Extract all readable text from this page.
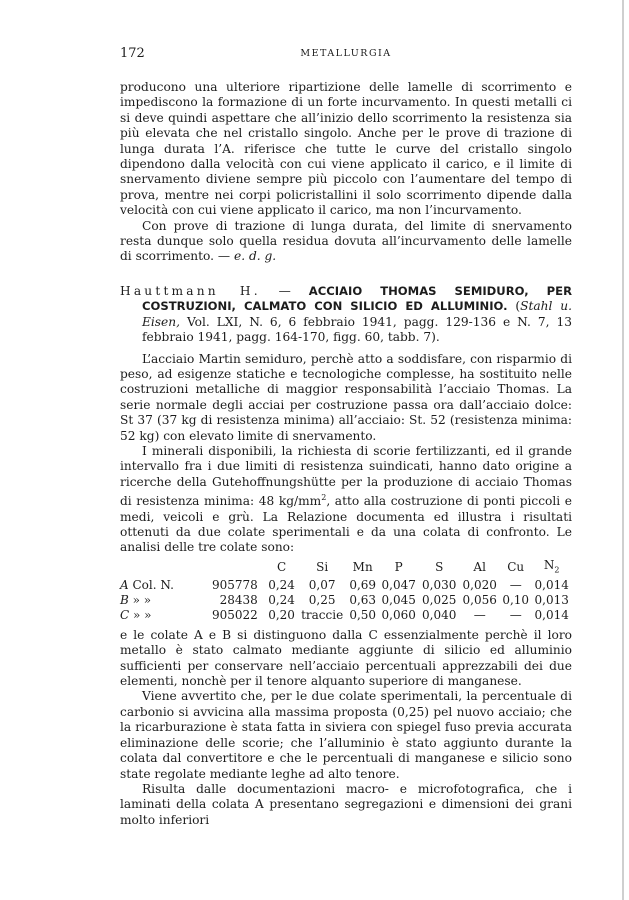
172	METALLURGIA

producono una ulteriore ripartizione delle lamelle di scorrimento e impediscono la formazione di un forte incurvamento. In questi metalli ci si deve quindi aspettare che all’inizio dello scorrimento la resistenza sia più elevata che nel cristallo singolo. Anche per le prove di trazione di lunga durata l’A. riferisce che tutte le curve del cristallo singolo dipendono dalla velocità con cui viene applicato il carico, e il limite di snervamento diviene sempre più piccolo con l’aumentare del tempo di prova, mentre nei corpi policristallini il solo scorrimento dipende dalla velocità con cui viene applicato il carico, ma non l’incurvamento.

Con prove di trazione di lunga durata, del limite di snervamento resta dunque solo quella residua dovuta all’incurvamento delle lamelle di scorrimento. — e. d. g.

Hauttmann H. — ACCIAIO THOMAS SEMIDURO, PER COSTRUZIONI, CALMATO CON SILICIO ED ALLUMINIO. (Stahl u. Eisen, Vol. LXI, N. 6, 6 febbraio 1941, pagg. 129-136 e N. 7, 13 febbraio 1941, pagg. 164-170, figg. 60, tabb. 7).

L’acciaio Martin semiduro, perchè atto a soddisfare, con risparmio di peso, ad esigenze statiche e tecnologiche complesse, ha sostituito nelle costruzioni metalliche di maggior responsabilità l’acciaio Thomas. La serie normale degli acciai per costruzione passa ora dall’acciaio dolce: St 37 (37 kg di resistenza minima) all’acciaio: St. 52 (resistenza minima: 52 kg) con elevato limite di snervamento.

I minerali disponibili, la richiesta di scorie fertilizzanti, ed il grande intervallo fra i due limiti di resistenza suindicati, hanno dato origine a ricerche della Gutehoffnungshütte per la produzione di acciaio Thomas di resistenza minima: 48 $kg/mm^2$, atto alla costruzione di ponti piccoli e medi, veicoli e grù. La Relazione documenta ed illustra i risultati ottenuti da due colate sperimentali e da una colata di confronto. Le analisi delle tre colate sono:

		C	Si	Mn	P	S	Al	Cu	$N_2$
A Col. N.	905778	0,24	0,07	0,69	0,047	0,030	0,020	—	0,014
B » »	28438	0,24	0,25	0,63	0,045	0,025	0,056	0,10	0,013
C » »	905022	0,20	traccie	0,50	0,060	0,040	—	—	0,014

e le colate A e B si distinguono dalla C essenzialmente perchè il loro metallo è stato calmato mediante aggiunte di silicio ed alluminio sufficienti per conservare nell’acciaio percentuali apprezzabili dei due elementi, nonchè per il tenore alquanto superiore di manganese.

Viene avvertito che, per le due colate sperimentali, la percentuale di carbonio si avvicina alla massima proposta (0,25) pel nuovo acciaio; che la ricarburazione è stata fatta in siviera con spiegel fuso previa accurata eliminazione delle scorie; che l’alluminio è stato aggiunto durante la colata dal convertitore e che le percentuali di manganese e silicio sono state regolate mediante leghe ad alto tenore.

Risulta dalle documentazioni macro- e microfotografica, che i laminati della colata A presentano segregazioni e dimensioni dei grani molto inferiori
